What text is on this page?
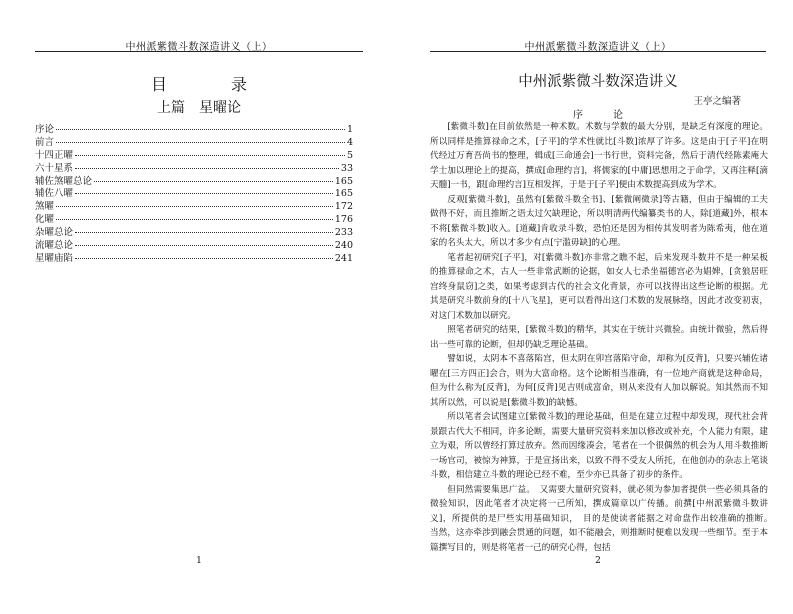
中州派紫微斗数深造讲义（上）
目　录
上篇　星曜论
序论	1
前言	4
十四正曜	5
六十星系	33
辅佐煞曜总论	165
辅佐八曜	165
煞曜	172
化曜	176
杂曜总论	233
流曜总论	240
星曜庙陷	241
1
中州派紫微斗数深造讲义（上）
中州派紫微斗数深造讲义
王亭之编著
序　论

[紫微斗数]在目前依然是一种术数。术数与学数的最大分别，是缺乏有深度的理论。所以同样是推算禄命之术，[子平]的学术性就比[斗数]浓厚了许多。这是由于[子平]在明代经过万育吾尚书的整理，辑成[三命通会]一书行世，资料完备，然后于清代经陈素庵大学士加以理论上的提高，撰成[命理约言]，将儒家的[中庸]思想用之于命学，又再注释[滴天髓]一书，跟[命理约言]互相发挥，于是于[子平]便由术数提高到成为学术。

反观[紫微斗数]，虽然有[紫微斗数全书]、[紫微阐微录]等古籍，但由于编辑的工夫做得不好，而且推断之语太过欠缺理论，所以明清两代编纂类书的人，除[道藏]外，根本不将[紫微斗数]收入。[道藏]肯收录斗数，恐怕还是因为相传其发明者为陈希夷，他在道家的名头太大，所以才多少有点[宁滥毋缺]的心理。

笔者起初研究[子平]，对[紫微斗数]亦非常之瞧不起，后来发现斗数并不是一种呆板的推算禄命之术，古人一些非常武断的论据，如女人七杀坐福德宫必为娼婢，[贪狼居旺宫终身鼠窃]之类，如果考虑到古代的社会文化背景，亦可以找得出这些论断的根据。尤其是研究斗数前身的[十八飞星]，更可以看得出这门术数的发展脉络，因此才改变初衷，对这门术数加以研究。

照笔者研究的结果，[紫微斗数]的精华，其实在于统计兴微验。由统计微验，然后得出一些可靠的论断，但却仍缺乏理论基础。

譬如说，太阴本不喜落陷宫，但太阴在卯宫落陷守命，却称为[反背]，只要兴辅佐诸曜在[三方四正]会合，则为大富命格。这个论断相当准确，有一位地产商就是这种命局，但为什么称为[反背]，为何[反背]见吉则成富命，则从来没有人加以解说。知其然而不知其所以然，可以说是[紫微斗数]的缺憾。

所以笔者会试图建立[紫微斗数]的理论基础，但是在建立过程中却发现，现代社会背景跟古代大不相同，许多论断，需要大量研究资料来加以修改或补充，个人能力有限，建立为艰，所以曾经打算过放弃。然而因缘凑会，笔者在一个很偶然的机会为人用斗数推断一场官司，被惊为神算，于是宣扬出来，以致不得不受友人所托，在他创办的杂志上笔谈斗数，相信建立斗数的理论已经不难，至少亦已具备了初步的条件。

但同然需要集思广益。　又需要大量研究资料，就必须为参加者提供一些必须具备的微验知识，因此笔者才决定将一己所知，撰成篇章以广传播。前撰[中州派紫微斗数讲义]，所提供的是尸些实用基础知识，　目的是使读者能据之对命盘作出较准确的推断。　当然，这亦牵涉到融会贯通的问题，如不能融会，则推断时便难以发现一些细节。至于本篇撰写目的，则是将笔者一己的研究心得，包括

2
